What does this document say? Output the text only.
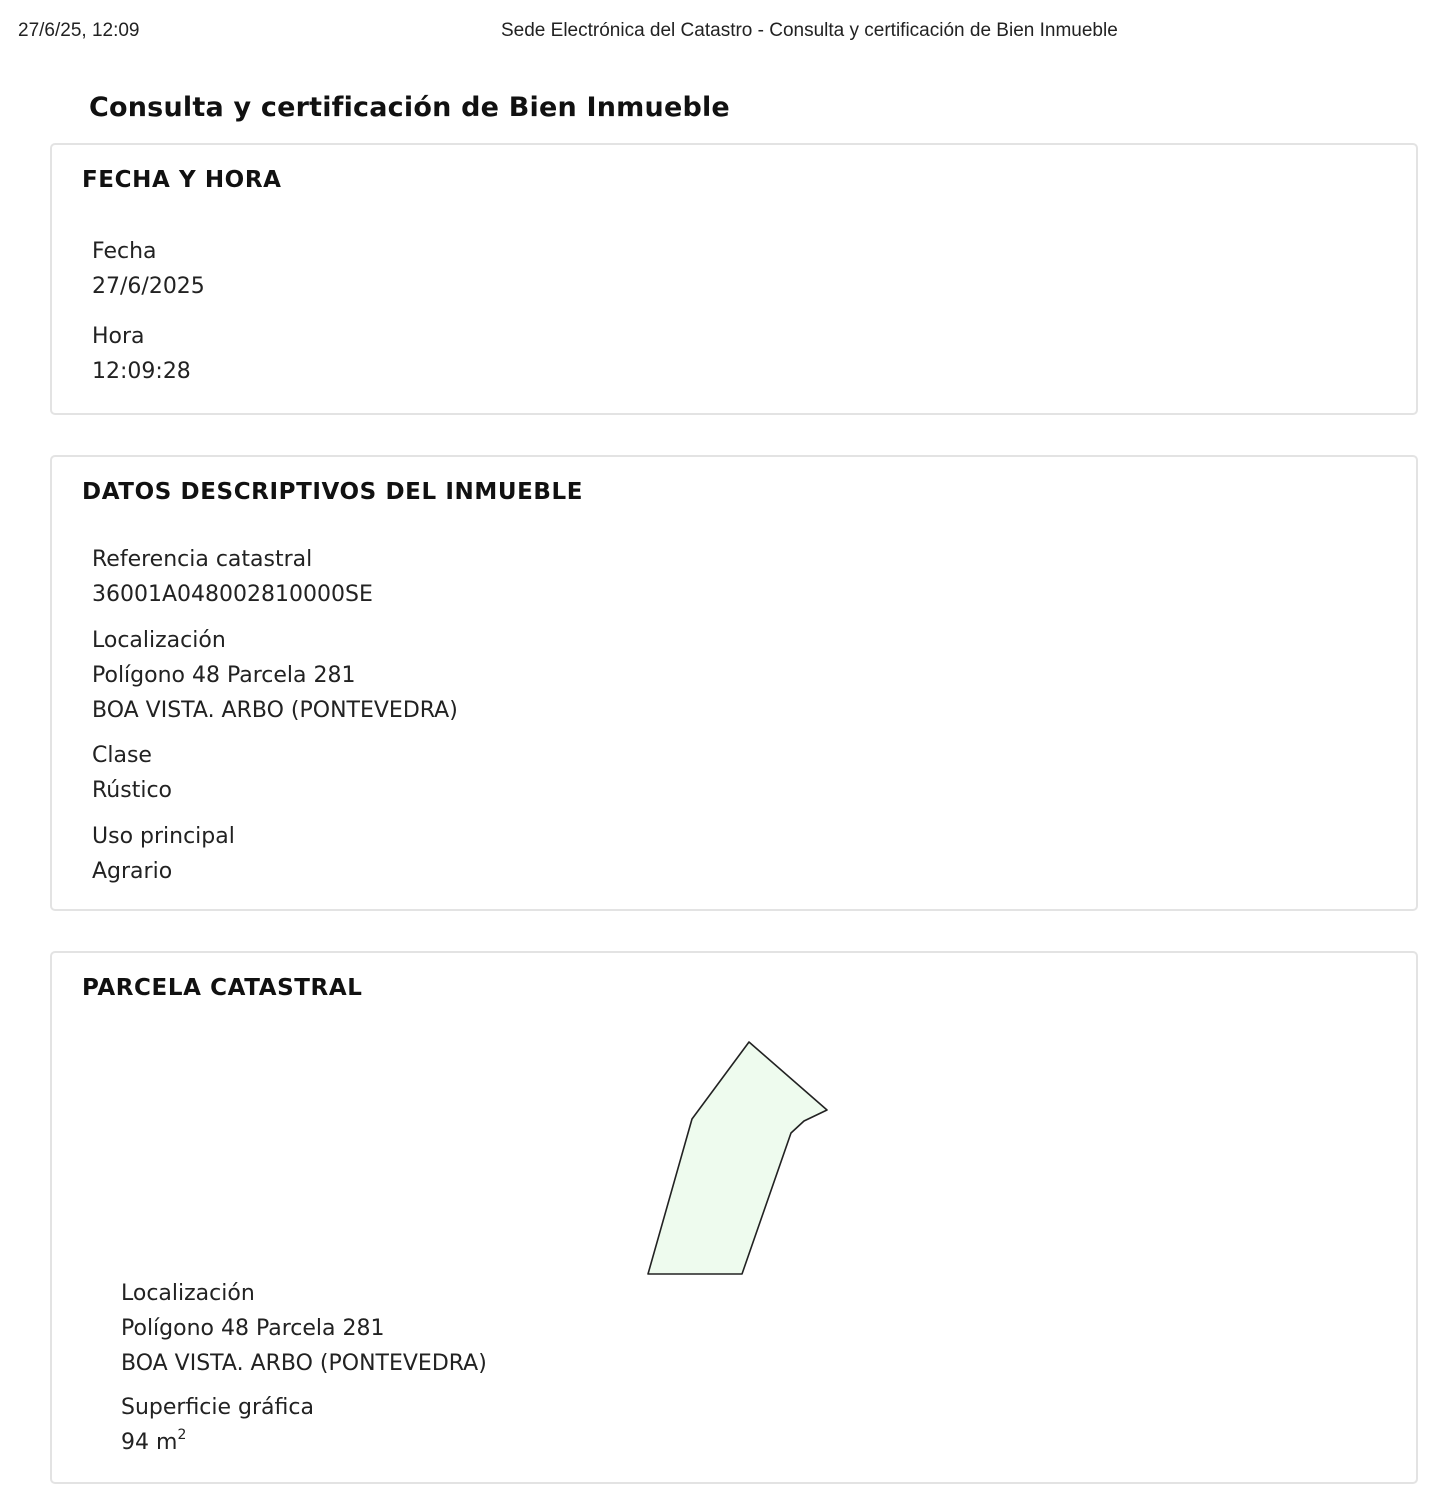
27/6/25, 12:09	Sede Electrónica del Catastro - Consulta y certificación de Bien Inmueble
Consulta y certificación de Bien Inmueble
FECHA Y HORA
Fecha
27/6/2025
Hora
12:09:28
DATOS DESCRIPTIVOS DEL INMUEBLE
Referencia catastral
36001A048002810000SE
Localización
Polígono 48 Parcela 281
BOA VISTA. ARBO (PONTEVEDRA)
Clase
Rústico
Uso principal
Agrario
PARCELA CATASTRAL
Localización
Polígono 48 Parcela 281
BOA VISTA. ARBO (PONTEVEDRA)
Superficie gráfica
94 $m^2$
